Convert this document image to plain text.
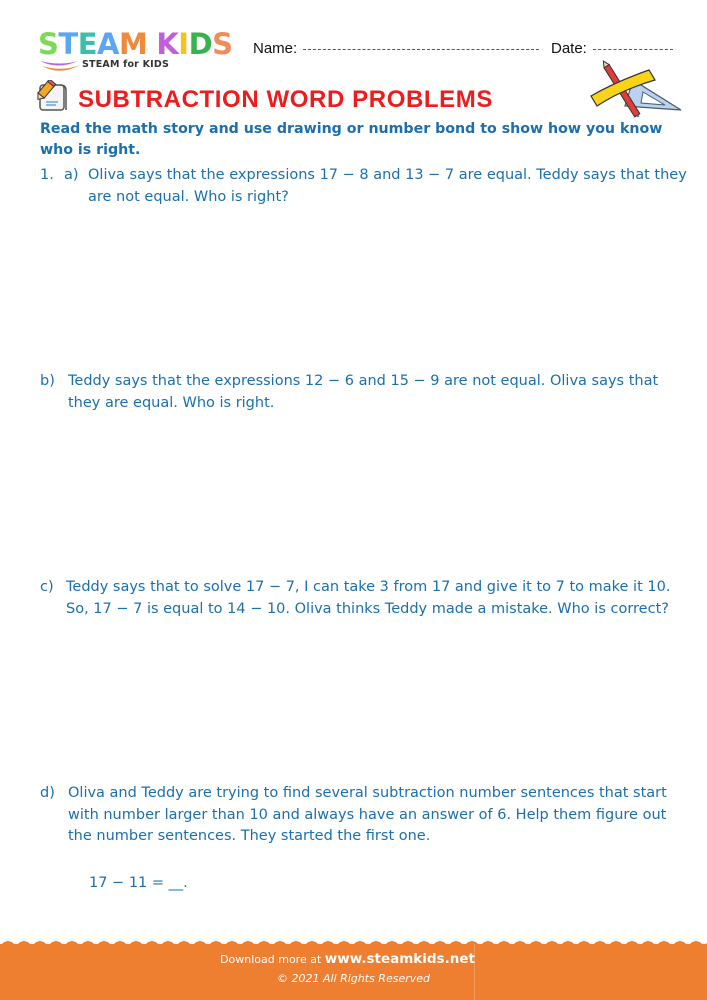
STEAM KIDS
STEAM for KIDS
Name:	Date:
SUBTRACTION WORD PROBLEMS
Read the math story and use drawing or number bond to show how you know who is right.
1. a) Oliva says that the expressions 17 − 8 and 13 − 7 are equal. Teddy says that they are not equal. Who is right?
b) Teddy says that the expressions 12 − 6 and 15 − 9 are not equal. Oliva says that they are equal. Who is right.
c) Teddy says that to solve 17 − 7, I can take 3 from 17 and give it to 7 to make it 10. So, 17 − 7 is equal to 14 − 10. Oliva thinks Teddy made a mistake. Who is correct?
d) Oliva and Teddy are trying to find several subtraction number sentences that start with number larger than 10 and always have an answer of 6. Help them figure out the number sentences. They started the first one.
17 − 11 = __.
Download more at www.steamkids.net
© 2021 All Rights Reserved
